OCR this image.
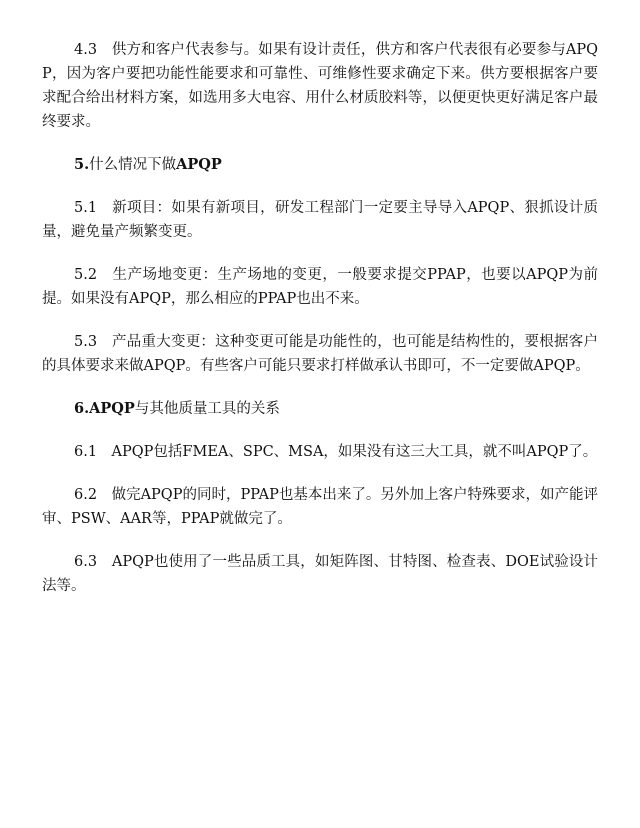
4.3　供方和客户代表参与。如果有设计责任，供方和客户代表很有必要参与APQP，因为客户要把功能性能要求和可靠性、可维修性要求确定下来。供方要根据客户要求配合给出材料方案，如选用多大电容、用什么材质胶料等，以便更快更好满足客户最终要求。

5.什么情况下做APQP

5.1　新项目：如果有新项目，研发工程部门一定要主导导入APQP、狠抓设计质量，避免量产频繁变更。

5.2　生产场地变更：生产场地的变更，一般要求提交PPAP，也要以APQP为前提。如果没有APQP，那么相应的PPAP也出不来。

5.3　产品重大变更：这种变更可能是功能性的，也可能是结构性的，要根据客户的具体要求来做APQP。有些客户可能只要求打样做承认书即可，不一定要做APQP。

6.APQP与其他质量工具的关系

6.1　APQP包括FMEA、SPC、MSA，如果没有这三大工具，就不叫APQP了。

6.2　做完APQP的同时，PPAP也基本出来了。另外加上客户特殊要求，如产能评审、PSW、AAR等，PPAP就做完了。

6.3　APQP也使用了一些品质工具，如矩阵图、甘特图、检查表、DOE试验设计法等。
